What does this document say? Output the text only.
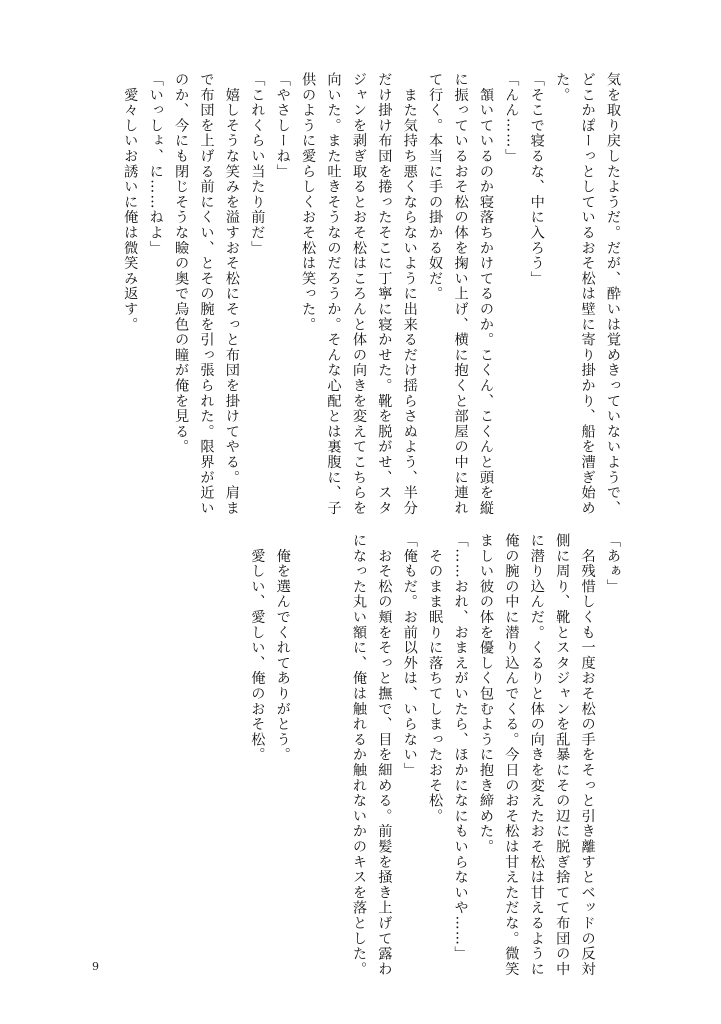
気を取り戻したようだ。だが、酔いは覚めきっていないようで、

どこかぽーっとしているおそ松は壁に寄り掛かり、船を漕ぎ始め

た。

「そこで寝るな、中に入ろう」

「んん……」

　頷いているのか寝落ちかけてるのか。こくん、こくんと頭を縦

に振っているおそ松の体を掬い上げ、横に抱くと部屋の中に連れ

て行く。本当に手の掛かる奴だ。

　また気持ち悪くならないように出来るだけ揺らさぬよう、半分

だけ掛け布団を捲ったそこに丁寧に寝かせた。靴を脱がせ、スタ

ジャンを剥ぎ取るとおそ松はころんと体の向きを変えてこちらを

向いた。また吐きそうなのだろうか。そんな心配とは裏腹に、子

供のように愛らしくおそ松は笑った。

「やさしーね」

「これくらい当たり前だ」

　嬉しそうな笑みを溢すおそ松にそっと布団を掛けてやる。肩ま

で布団を上げる前にくい、とその腕を引っ張られた。限界が近い

のか、今にも閉じそうな瞼の奥で烏色の瞳が俺を見る。

「いっしょ、に……ねよ」

　愛々しいお誘いに俺は微笑み返す。

「あぁ」

　名残惜しくも一度おそ松の手をそっと引き離すとベッドの反対

側に周り、靴とスタジャンを乱暴にその辺に脱ぎ捨てて布団の中

に潜り込んだ。くるりと体の向きを変えたおそ松は甘えるように

俺の腕の中に潜り込んでくる。今日のおそ松は甘えただな。微笑

ましい彼の体を優しく包むように抱き締めた。

「……おれ、おまえがいたら、ほかになにもいらないや……」

　そのまま眠りに落ちてしまったおそ松。

「俺もだ。お前以外は、いらない」

　おそ松の頬をそっと撫で、目を細める。前髪を掻き上げて露わ

になった丸い額に、俺は触れるか触れないかのキスを落とした。

　俺を選んでくれてありがとう。

　愛しい、愛しい、俺のおそ松。

9
